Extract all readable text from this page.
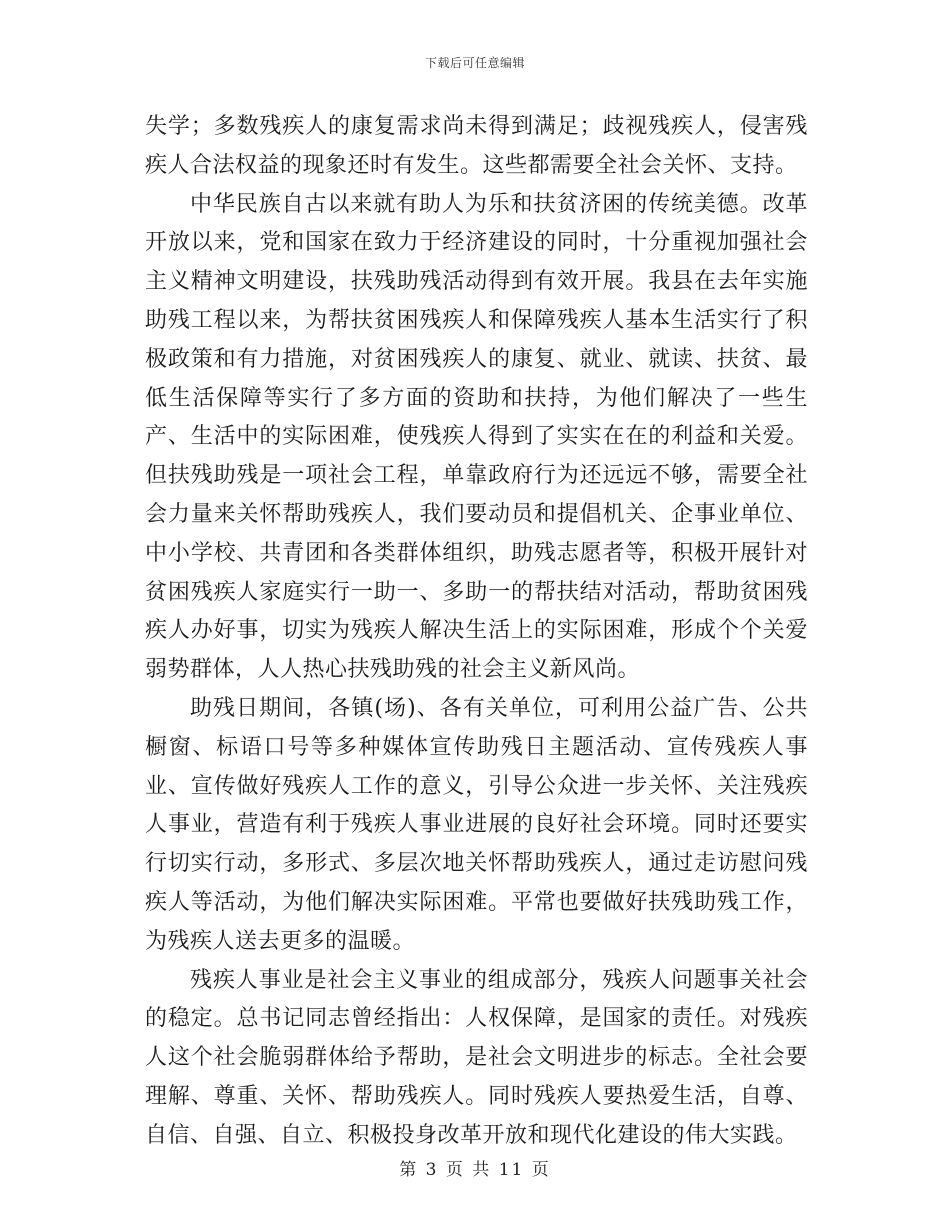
下载后可任意编辑

失学；多数残疾人的康复需求尚未得到满足；歧视残疾人，侵害残疾人合法权益的现象还时有发生。这些都需要全社会关怀、支持。

中华民族自古以来就有助人为乐和扶贫济困的传统美德。改革开放以来，党和国家在致力于经济建设的同时，十分重视加强社会主义精神文明建设，扶残助残活动得到有效开展。我县在去年实施助残工程以来，为帮扶贫困残疾人和保障残疾人基本生活实行了积极政策和有力措施，对贫困残疾人的康复、就业、就读、扶贫、最低生活保障等实行了多方面的资助和扶持，为他们解决了一些生产、生活中的实际困难，使残疾人得到了实实在在的利益和关爱。但扶残助残是一项社会工程，单靠政府行为还远远不够，需要全社会力量来关怀帮助残疾人，我们要动员和提倡机关、企事业单位、中小学校、共青团和各类群体组织，助残志愿者等，积极开展针对贫困残疾人家庭实行一助一、多助一的帮扶结对活动，帮助贫困残疾人办好事，切实为残疾人解决生活上的实际困难，形成个个关爱弱势群体，人人热心扶残助残的社会主义新风尚。

助残日期间，各镇(场)、各有关单位，可利用公益广告、公共橱窗、标语口号等多种媒体宣传助残日主题活动、宣传残疾人事业、宣传做好残疾人工作的意义，引导公众进一步关怀、关注残疾人事业，营造有利于残疾人事业进展的良好社会环境。同时还要实行切实行动，多形式、多层次地关怀帮助残疾人，通过走访慰问残疾人等活动，为他们解决实际困难。平常也要做好扶残助残工作，为残疾人送去更多的温暖。

残疾人事业是社会主义事业的组成部分，残疾人问题事关社会的稳定。总书记同志曾经指出：人权保障，是国家的责任。对残疾人这个社会脆弱群体给予帮助，是社会文明进步的标志。全社会要理解、尊重、关怀、帮助残疾人。同时残疾人要热爱生活，自尊、自信、自强、自立、积极投身改革开放和现代化建设的伟大实践。

第 3 页 共 11 页
